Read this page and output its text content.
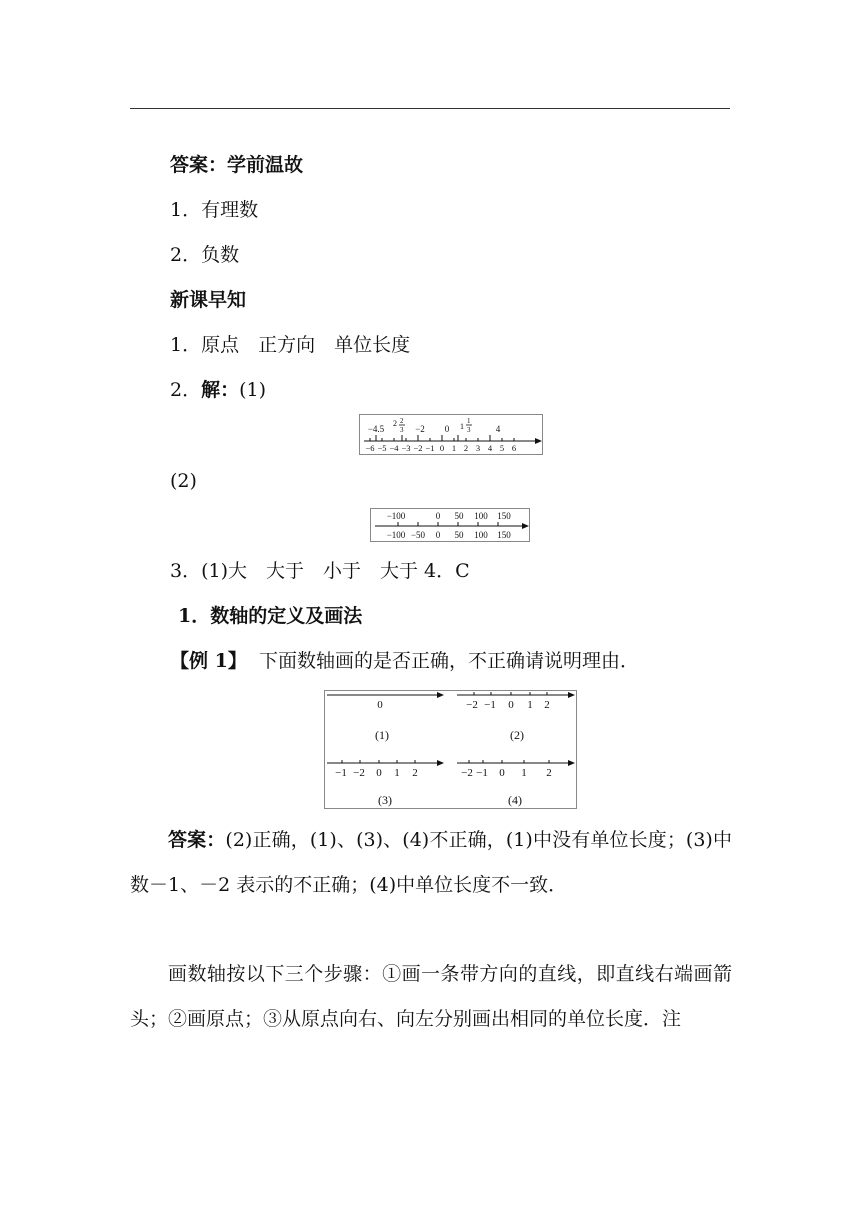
答案：学前温故
1．有理数
2．负数
新课早知
1．原点　正方向　单位长度
2．解：(1)
−4.5
2 2
3 −2 0 1
1
3	4
−6 −5 −4 −3 −2 −1 0 1 2 3 4 5 6
(2)
−100	0 50 100 150
−100 −50 0 50 100 150
3．(1)大　大于　小于　大于 4．C
1．数轴的定义及画法
【例 1】 下面数轴画的是否正确，不正确请说明理由．
0
(1)
−2 −1 0 1 2
(2)
−1 −2 0 1 2
(3)
−2 −1 0 1 2
(4)
答案：(2)正确，(1)、(3)、(4)不正确，(1)中没有单位长度；(3)中数－1、－2 表示的不正确；(4)中单位长度不一致．
画数轴按以下三个步骤：①画一条带方向的直线，即直线右端画箭头；②画原点；③从原点向右、向左分别画出相同的单位长度．注
